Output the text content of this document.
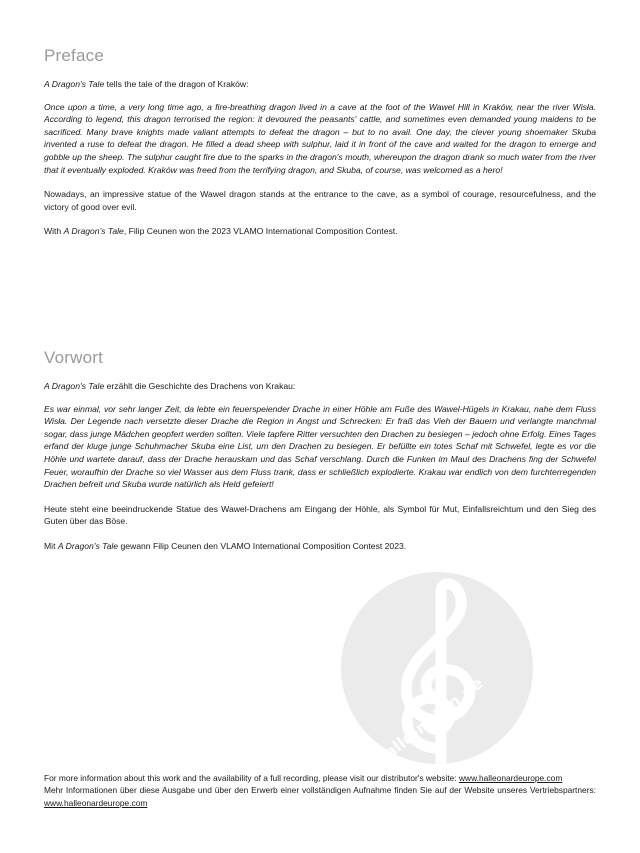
alle-noten.de
Preface

A Dragon's Tale tells the tale of the dragon of Kraków:

Once upon a time, a very long time ago, a fire-breathing dragon lived in a cave at the foot of the Wawel Hill in Kraków, near the river Wisła. According to legend, this dragon terrorised the region: it devoured the peasants' cattle, and sometimes even demanded young maidens to be sacrificed. Many brave knights made valiant attempts to defeat the dragon – but to no avail. One day, the clever young shoemaker Skuba invented a ruse to defeat the dragon. He filled a dead sheep with sulphur, laid it in front of the cave and waited for the dragon to emerge and gobble up the sheep. The sulphur caught fire due to the sparks in the dragon's mouth, whereupon the dragon drank so much water from the river that it eventually exploded. Kraków was freed from the terrifying dragon, and Skuba, of course, was welcomed as a hero!

Nowadays, an impressive statue of the Wawel dragon stands at the entrance to the cave, as a symbol of courage, resourcefulness, and the victory of good over evil.

With A Dragon's Tale, Filip Ceunen won the 2023 VLAMO International Composition Contest.

Vorwort

A Dragon's Tale erzählt die Geschichte des Drachens von Krakau:

Es war einmal, vor sehr langer Zeit, da lebte ein feuerspeiender Drache in einer Höhle am Fuße des Wawel-Hügels in Krakau, nahe dem Fluss Wisła. Der Legende nach versetzte dieser Drache die Region in Angst und Schrecken: Er fraß das Vieh der Bauern und verlangte manchmal sogar, dass junge Mädchen geopfert werden sollten. Viele tapfere Ritter versuchten den Drachen zu besiegen – jedoch ohne Erfolg. Eines Tages erfand der kluge junge Schuhmacher Skuba eine List, um den Drachen zu besiegen. Er befüllte ein totes Schaf mit Schwefel, legte es vor die Höhle und wartete darauf, dass der Drache herauskam und das Schaf verschlang. Durch die Funken im Maul des Drachens fing der Schwefel Feuer, woraufhin der Drache so viel Wasser aus dem Fluss trank, dass er schließlich explodierte. Krakau war endlich von dem furchterregenden Drachen befreit und Skuba wurde natürlich als Held gefeiert!

Heute steht eine beeindruckende Statue des Wawel-Drachens am Eingang der Höhle, als Symbol für Mut, Einfallsreichtum und den Sieg des Guten über das Böse.

Mit A Dragon's Tale gewann Filip Ceunen den VLAMO International Composition Contest 2023.

For more information about this work and the availability of a full recording, please visit our distributor's website: www.halleonardeurope.com
Mehr Informationen über diese Ausgabe und über den Erwerb einer vollständigen Aufnahme finden Sie auf der Website unseres Vertriebspartners: www.halleonardeurope.com
